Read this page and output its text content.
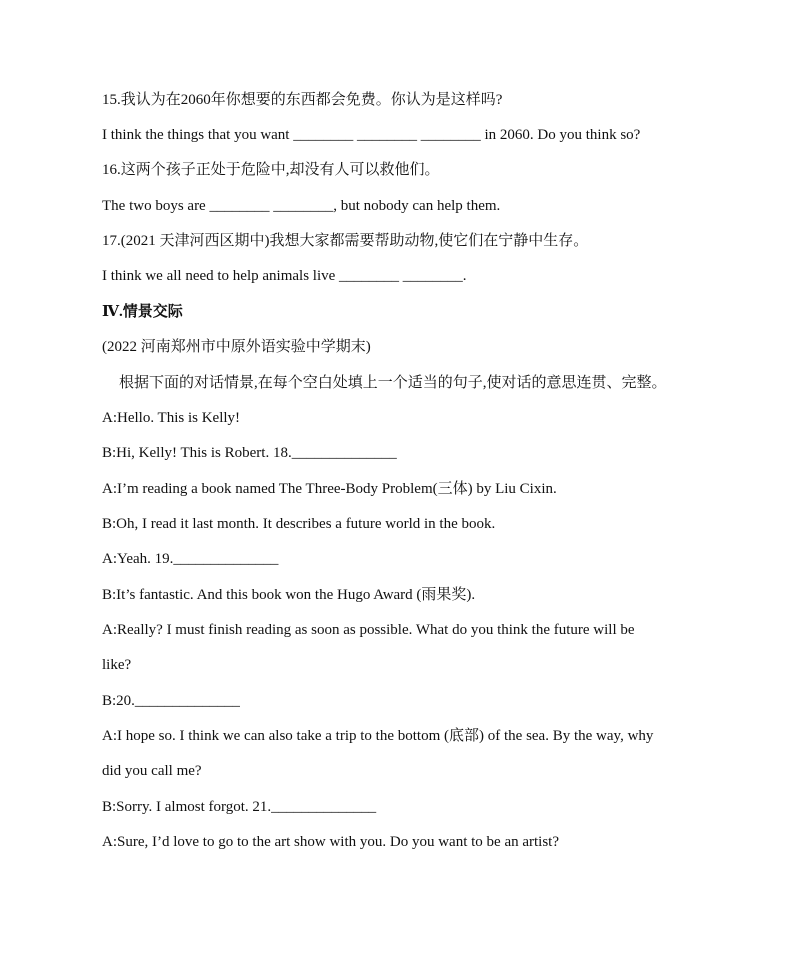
15.我认为在2060年你想要的东西都会免费。你认为是这样吗?
I think the things that you want ________ ________ ________ in 2060. Do you think so?
16.这两个孩子正处于危险中,却没有人可以救他们。
The two boys are ________ ________, but nobody can help them.
17.(2021 天津河西区期中)我想大家都需要帮助动物,使它们在宁静中生存。
I think we all need to help animals live ________ ________.
Ⅳ.情景交际
(2022 河南郑州市中原外语实验中学期末)
根据下面的对话情景,在每个空白处填上一个适当的句子,使对话的意思连贯、完整。
A:Hello. This is Kelly!
B:Hi, Kelly! This is Robert. 18.______________
A:I’m reading a book named The Three-Body Problem(三体) by Liu Cixin.
B:Oh, I read it last month. It describes a future world in the book.
A:Yeah. 19.______________
B:It’s fantastic. And this book won the Hugo Award (雨果奖).
A:Really? I must finish reading as soon as possible. What do you think the future will be
like?
B:20.______________
A:I hope so. I think we can also take a trip to the bottom (底部) of the sea. By the way, why
did you call me?
B:Sorry. I almost forgot. 21.______________
A:Sure, I’d love to go to the art show with you. Do you want to be an artist?
